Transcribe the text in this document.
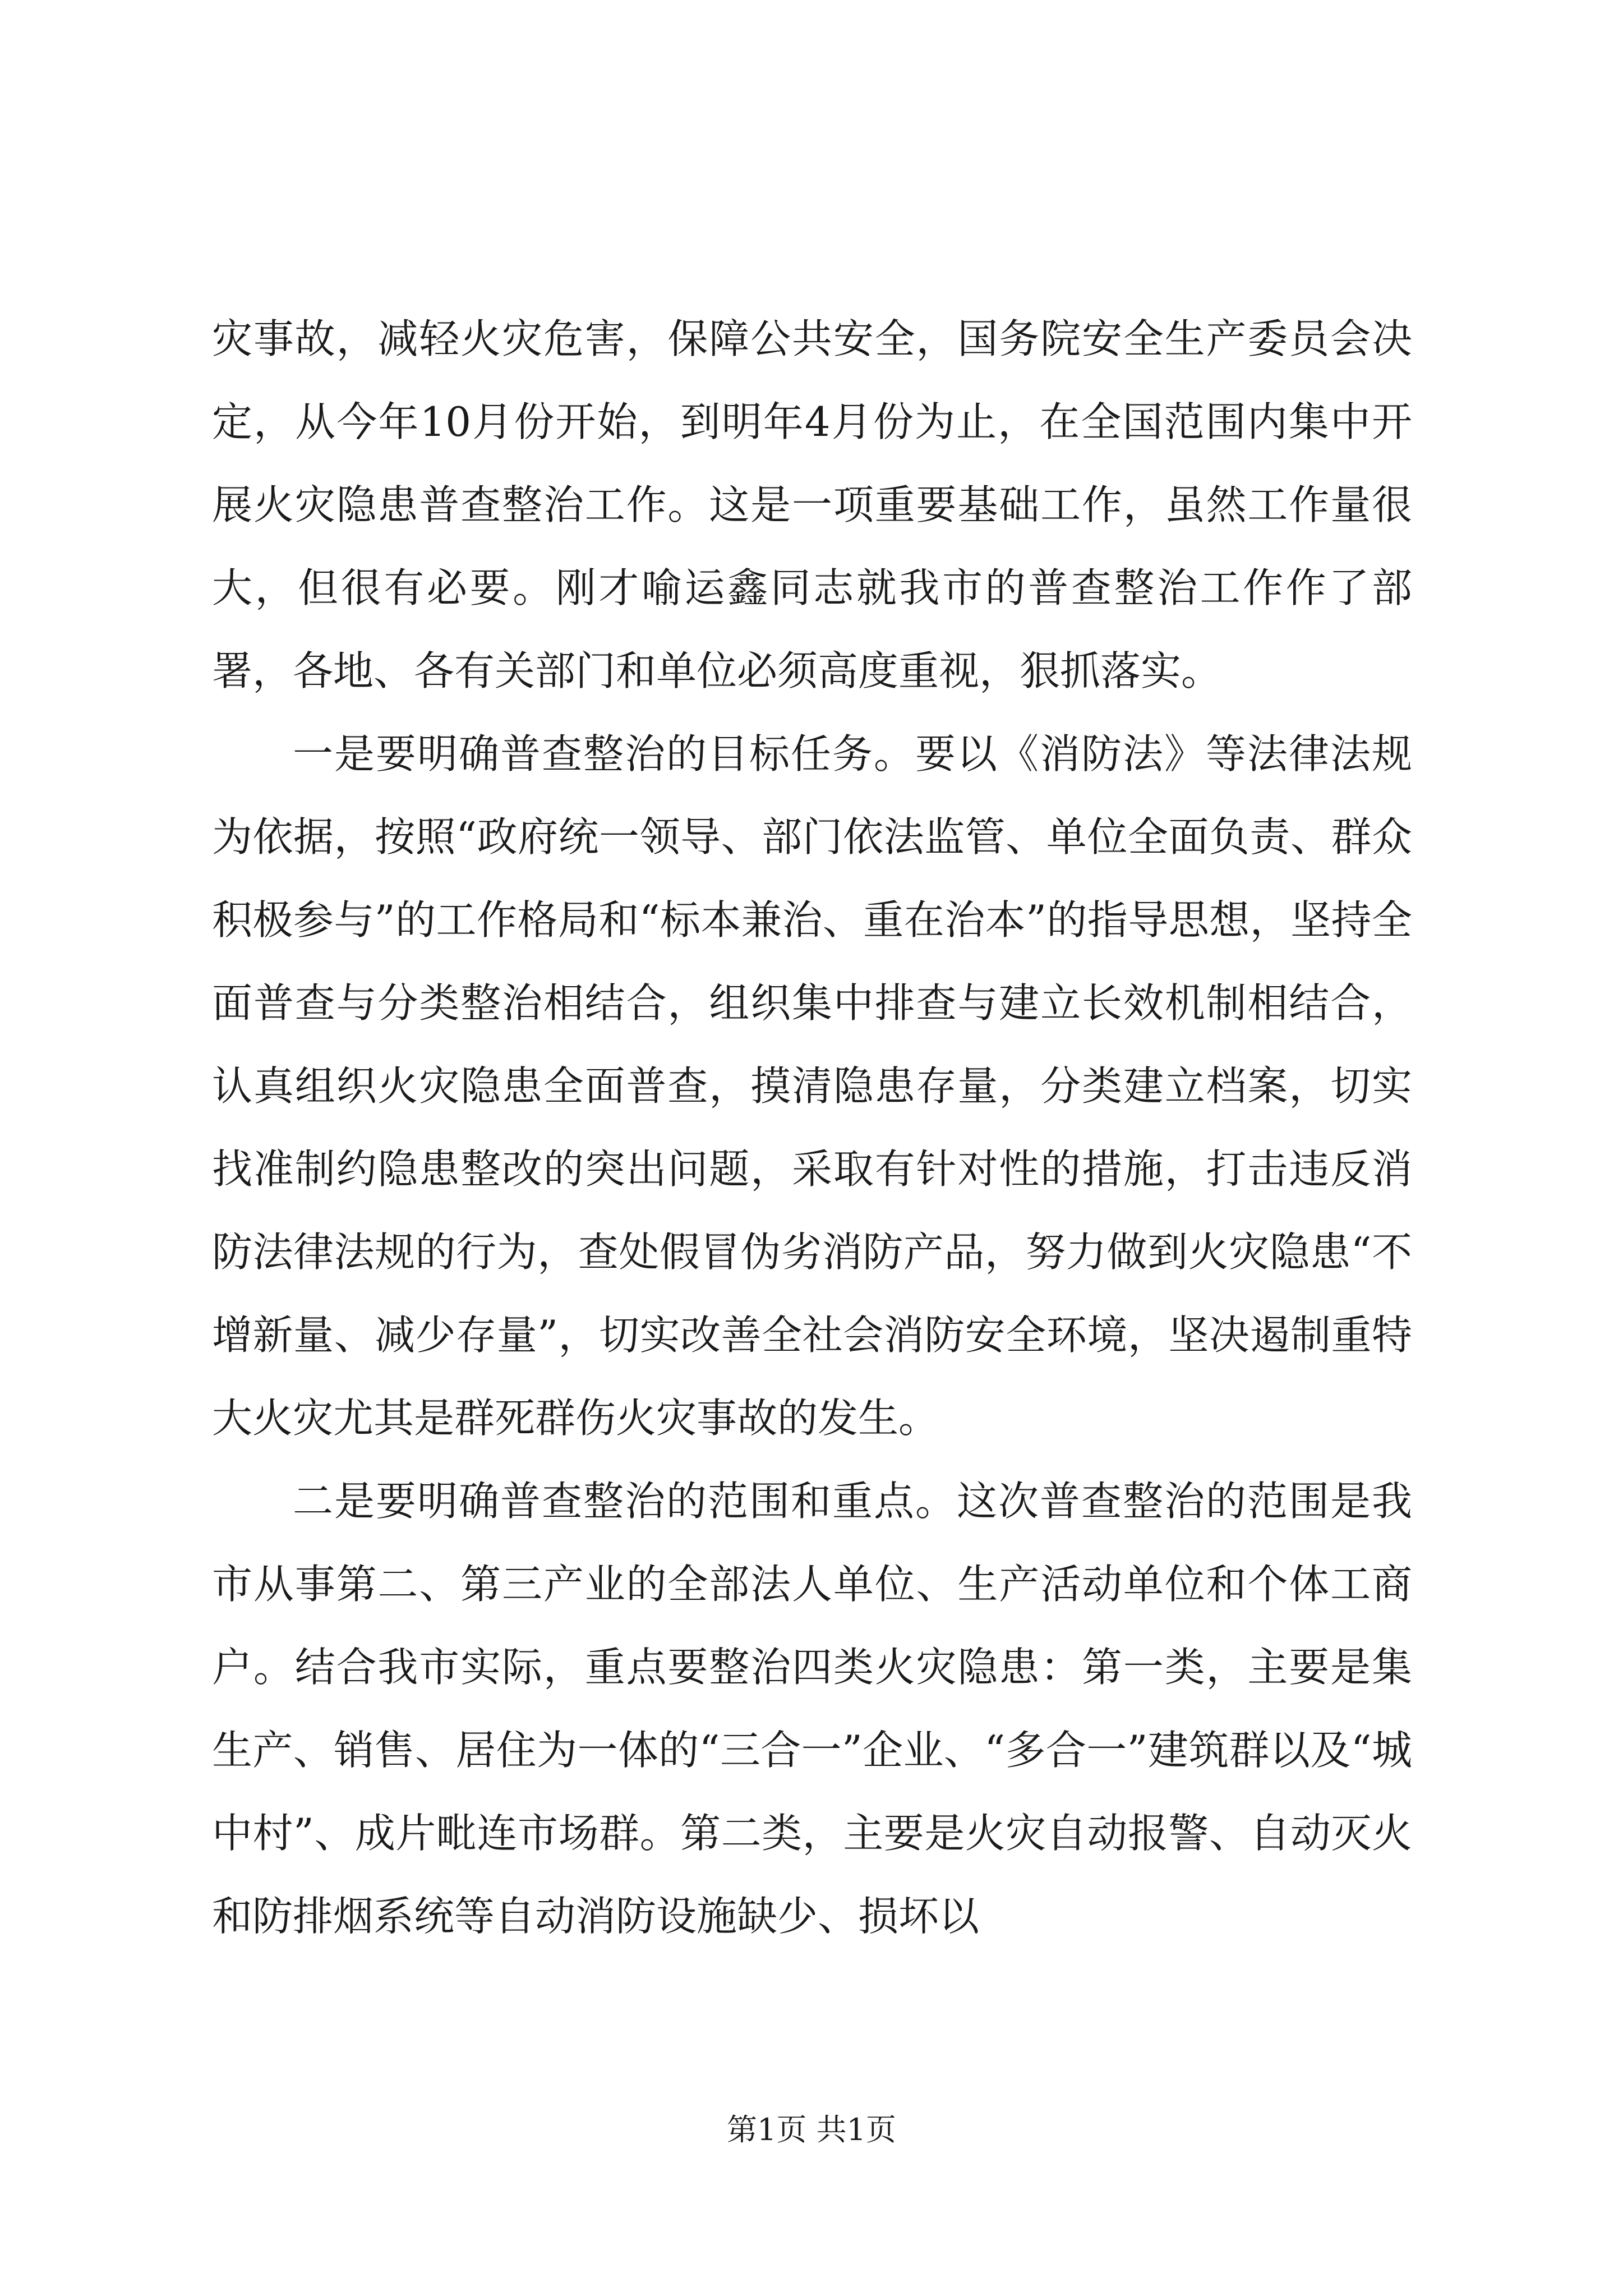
灾事故，减轻火灾危害，保障公共安全，国务院安全生产委员会决定，从今年10月份开始，到明年4月份为止，在全国范围内集中开展火灾隐患普查整治工作。这是一项重要基础工作，虽然工作量很大，但很有必要。刚才喻运鑫同志就我市的普查整治工作作了部署，各地、各有关部门和单位必须高度重视，狠抓落实。

一是要明确普查整治的目标任务。要以《消防法》等法律法规为依据，按照“政府统一领导、部门依法监管、单位全面负责、群众积极参与”的工作格局和“标本兼治、重在治本”的指导思想，坚持全面普查与分类整治相结合，组织集中排查与建立长效机制相结合，认真组织火灾隐患全面普查，摸清隐患存量，分类建立档案，切实找准制约隐患整改的突出问题，采取有针对性的措施，打击违反消防法律法规的行为，查处假冒伪劣消防产品，努力做到火灾隐患“不增新量、减少存量”，切实改善全社会消防安全环境，坚决遏制重特大火灾尤其是群死群伤火灾事故的发生。

二是要明确普查整治的范围和重点。这次普查整治的范围是我市从事第二、第三产业的全部法人单位、生产活动单位和个体工商户。结合我市实际，重点要整治四类火灾隐患：第一类，主要是集生产、销售、居住为一体的“三合一”企业、“多合一”建筑群以及“城中村”、成片毗连市场群。第二类，主要是火灾自动报警、自动灭火和防排烟系统等自动消防设施缺少、损坏以

第1页 共1页
